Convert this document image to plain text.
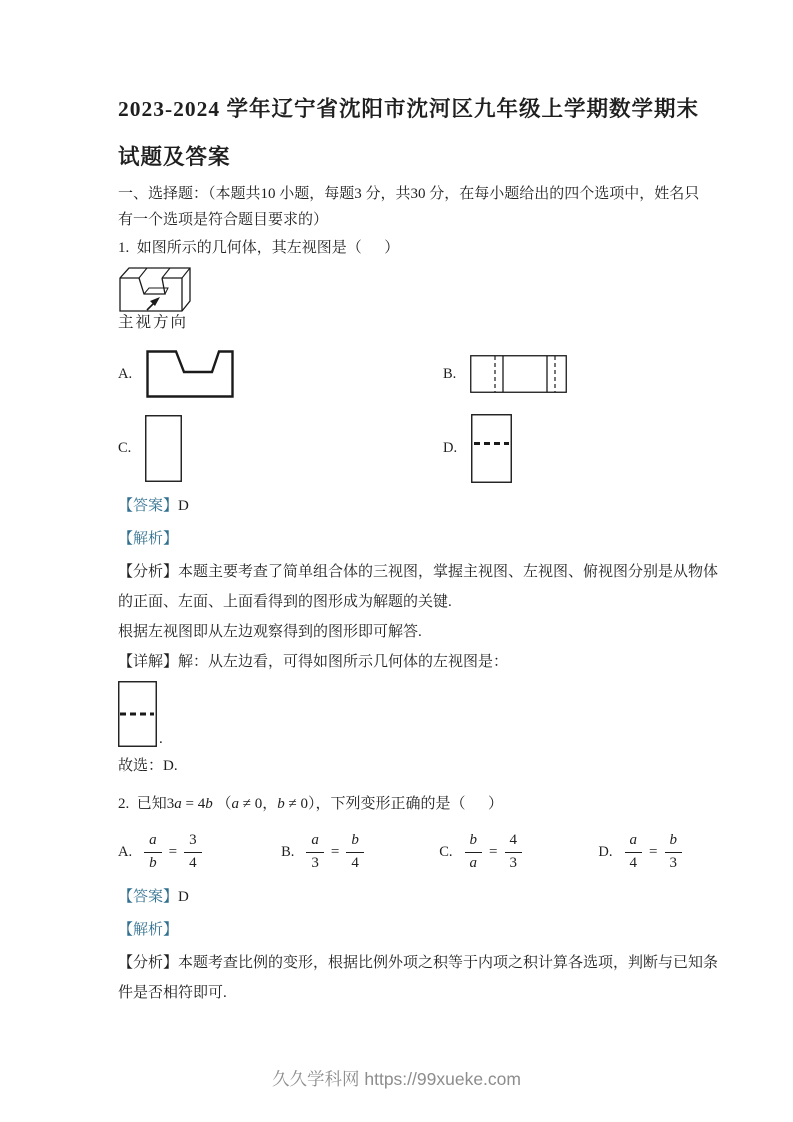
2023-2024 学年辽宁省沈阳市沈河区九年级上学期数学期末
试题及答案
一、选择题：（本题共10 小题，每题3 分，共30 分，在每小题给出的四个选项中，姓名只
有一个选项是符合题目要求的）
1.  如图所示的几何体，其左视图是（      ）
主视方向
A.	B.
C.	D.
【答案】D
【解析】
【分析】本题主要考查了简单组合体的三视图，掌握主视图、左视图、俯视图分别是从物体
的正面、左面、上面看得到的图形成为解题的关键.
根据左视图即从左边观察得到的图形即可解答.
【详解】解：从左边看，可得如图所示几何体的左视图是：
.
故选：D.
2.  已知3a = 4b （a ≠ 0，b ≠ 0），下列变形正确的是（      ）
A. $\frac{a}{b} = \frac{3}{4}$	B. $\frac{a}{3} = \frac{b}{4}$	C. $\frac{b}{a} = \frac{4}{3}$	D. $\frac{a}{4} = \frac{b}{3}$
【答案】D
【解析】
【分析】本题考查比例的变形，根据比例外项之积等于内项之积计算各选项，判断与已知条
件是否相符即可.
久久学科网 https://99xueke.com
